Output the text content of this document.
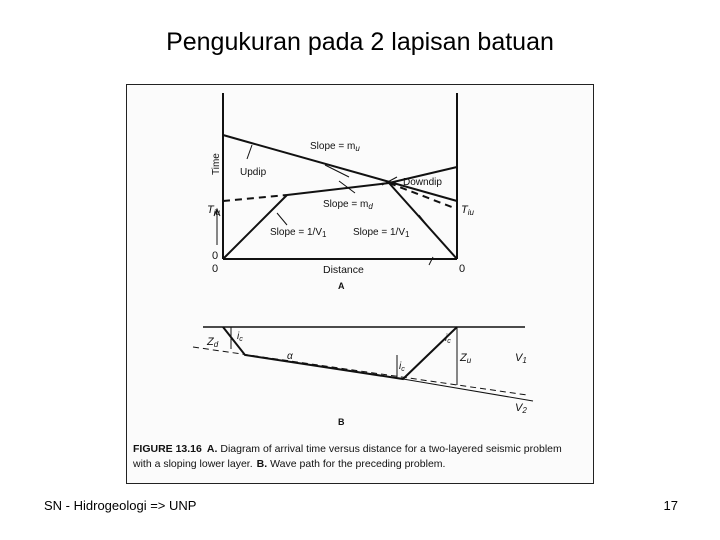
Pengukuran pada 2 lapisan batuan
Time
Tiu	Tiu
0
0	0
Distance
Slope = $m_u$
Updip
Downdip
Slope = $m_d$
Slope = $1/V_1$	Slope = $1/V_1$
A
Zd
$i_c$
α
$i_c$
$i_c$
Zu	V1
V2
B
FIGURE 13.16 A. Diagram of arrival time versus distance for a two-layered seismic problem
with a sloping lower layer. B. Wave path for the preceding problem.
SN - Hidrogeologi => UNP	17
